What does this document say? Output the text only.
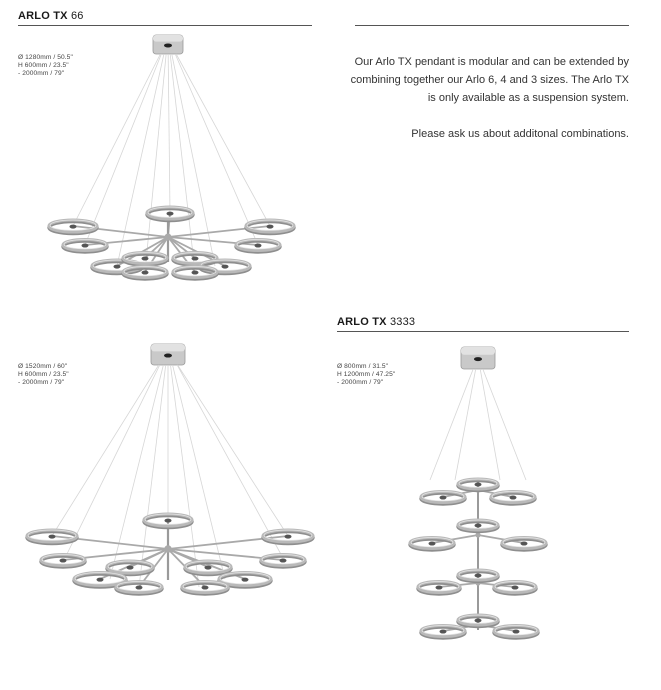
ARLO TX 66
Ø 1280mm / 50.5"
H 600mm / 23.5"
- 2000mm / 79"

Our Arlo TX pendant is modular and can be extended by combining together our Arlo 6, 4 and 3 sizes. The Arlo TX is only available as a suspension system.

Please ask us about additonal combinations.

ARLO TX 3333
Ø 800mm / 31.5"
H 1200mm / 47.25"
- 2000mm / 79"
Ø 1520mm / 60"
H 600mm / 23.5"
- 2000mm / 79"
